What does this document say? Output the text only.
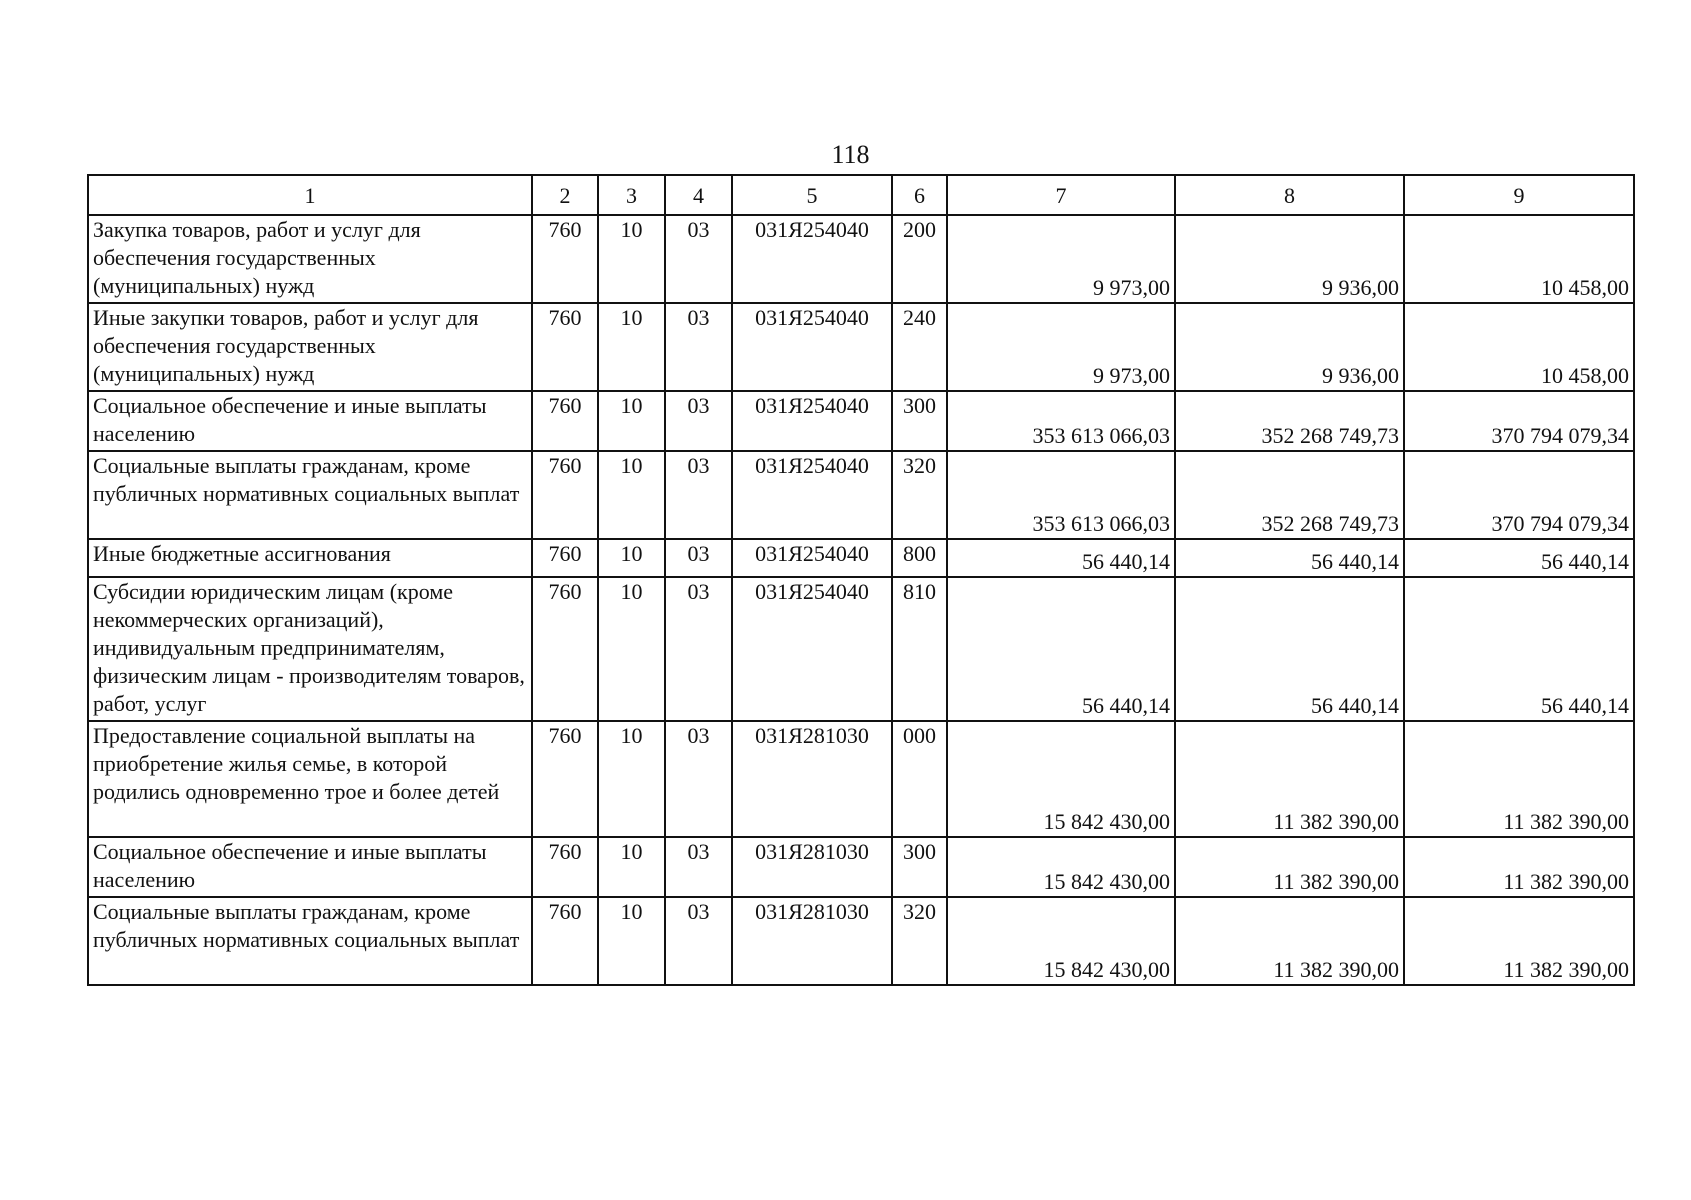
118
1	2	3	4	5	6	7	8	9
Закупка товаров, работ и услуг для обеспечения государственных (муниципальных) нужд	760	10	03	031Я254040	200	9 973,00	9 936,00	10 458,00
Иные закупки товаров, работ и услуг для обеспечения государственных (муниципальных) нужд	760	10	03	031Я254040	240	9 973,00	9 936,00	10 458,00
Социальное обеспечение и иные выплаты населению	760	10	03	031Я254040	300	353 613 066,03	352 268 749,73	370 794 079,34
Социальные выплаты гражданам, кроме публичных нормативных социальных выплат	760	10	03	031Я254040	320	353 613 066,03	352 268 749,73	370 794 079,34
Иные бюджетные ассигнования	760	10	03	031Я254040	800	56 440,14	56 440,14	56 440,14
Субсидии юридическим лицам (кроме некоммерческих организаций), индивидуальным предпринимателям, физическим лицам - производителям товаров, работ, услуг	760	10	03	031Я254040	810	56 440,14	56 440,14	56 440,14
Предоставление социальной выплаты на приобретение жилья семье, в которой родились одновременно трое и более детей	760	10	03	031Я281030	000	15 842 430,00	11 382 390,00	11 382 390,00
Социальное обеспечение и иные выплаты населению	760	10	03	031Я281030	300	15 842 430,00	11 382 390,00	11 382 390,00
Социальные выплаты гражданам, кроме публичных нормативных социальных выплат	760	10	03	031Я281030	320	15 842 430,00	11 382 390,00	11 382 390,00
